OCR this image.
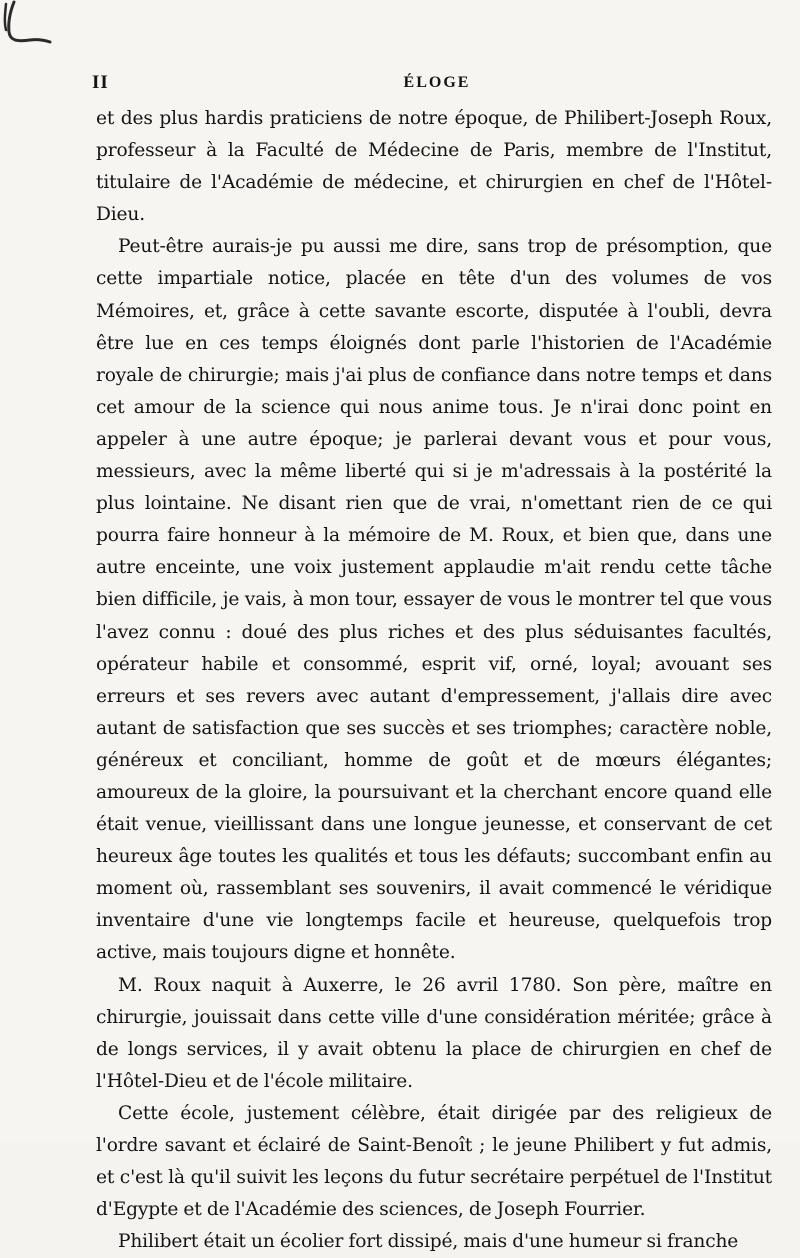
II	ÉLOGE

et des plus hardis praticiens de notre époque, de Philibert-Joseph Roux, professeur à la Faculté de Médecine de Paris, membre de l'Institut, titulaire de l'Académie de médecine, et chirurgien en chef de l'Hôtel-Dieu.

Peut-être aurais-je pu aussi me dire, sans trop de présomption, que cette impartiale notice, placée en tête d'un des volumes de vos Mémoires, et, grâce à cette savante escorte, disputée à l'oubli, devra être lue en ces temps éloignés dont parle l'historien de l'Académie royale de chirurgie; mais j'ai plus de confiance dans notre temps et dans cet amour de la science qui nous anime tous. Je n'irai donc point en appeler à une autre époque; je parlerai devant vous et pour vous, messieurs, avec la même liberté qui si je m'adressais à la postérité la plus lointaine. Ne disant rien que de vrai, n'omettant rien de ce qui pourra faire honneur à la mémoire de M. Roux, et bien que, dans une autre enceinte, une voix justement applaudie m'ait rendu cette tâche bien difficile, je vais, à mon tour, essayer de vous le montrer tel que vous l'avez connu : doué des plus riches et des plus séduisantes facultés, opérateur habile et consommé, esprit vif, orné, loyal; avouant ses erreurs et ses revers avec autant d'empressement, j'allais dire avec autant de satisfaction que ses succès et ses triomphes; caractère noble, généreux et conciliant, homme de goût et de mœurs élégantes; amoureux de la gloire, la poursuivant et la cherchant encore quand elle était venue, vieillissant dans une longue jeunesse, et conservant de cet heureux âge toutes les qualités et tous les défauts; succombant enfin au moment où, rassemblant ses souvenirs, il avait commencé le véridique inventaire d'une vie longtemps facile et heureuse, quelquefois trop active, mais toujours digne et honnête.

M. Roux naquit à Auxerre, le 26 avril 1780. Son père, maître en chirurgie, jouissait dans cette ville d'une considération méritée; grâce à de longs services, il y avait obtenu la place de chirurgien en chef de l'Hôtel-Dieu et de l'école militaire.

Cette école, justement célèbre, était dirigée par des religieux de l'ordre savant et éclairé de Saint-Benoît ; le jeune Philibert y fut admis, et c'est là qu'il suivit les leçons du futur secrétaire perpétuel de l'Institut d'Egypte et de l'Académie des sciences, de Joseph Fourrier.

Philibert était un écolier fort dissipé, mais d'une humeur si franche
